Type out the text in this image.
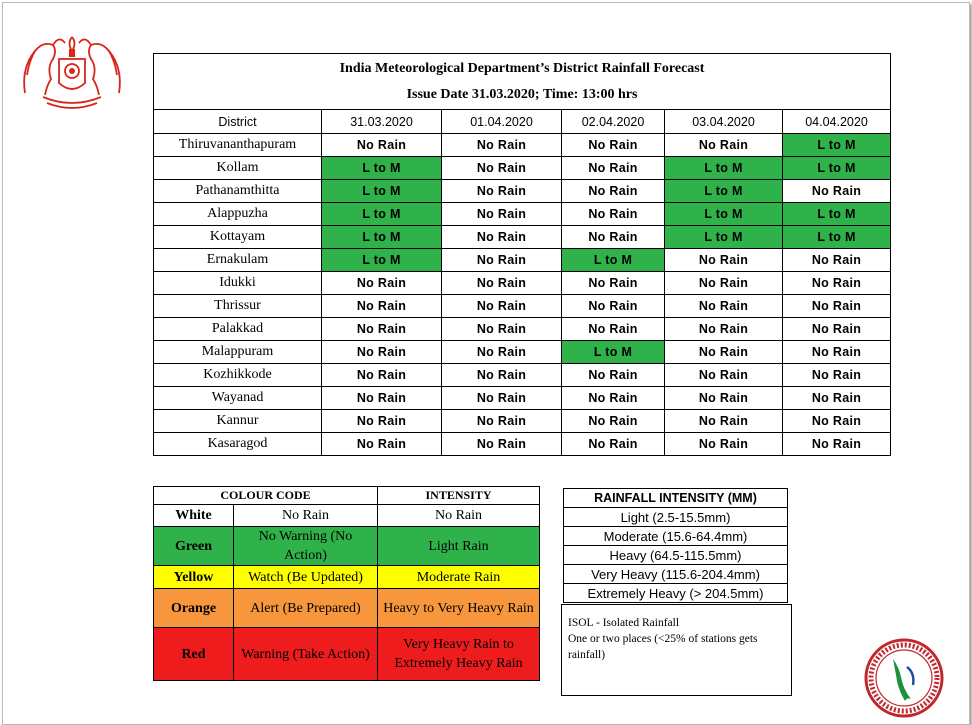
India Meteorological Department’s District Rainfall Forecast
Issue Date 31.03.2020; Time: 13:00 hrs					

District	31.03.2020	01.04.2020	02.04.2020	03.04.2020	04.04.2020
Thiruvananthapuram	No Rain	No Rain	No Rain	No Rain	L to M
Kollam	L to M	No Rain	No Rain	L to M	L to M
Pathanamthitta	L to M	No Rain	No Rain	L to M	No Rain
Alappuzha	L to M	No Rain	No Rain	L to M	L to M
Kottayam	L to M	No Rain	No Rain	L to M	L to M
Ernakulam	L to M	No Rain	L to M	No Rain	No Rain
Idukki	No Rain	No Rain	No Rain	No Rain	No Rain
Thrissur	No Rain	No Rain	No Rain	No Rain	No Rain
Palakkad	No Rain	No Rain	No Rain	No Rain	No Rain
Malappuram	No Rain	No Rain	L to M	No Rain	No Rain
Kozhikkode	No Rain	No Rain	No Rain	No Rain	No Rain
Wayanad	No Rain	No Rain	No Rain	No Rain	No Rain
Kannur	No Rain	No Rain	No Rain	No Rain	No Rain
Kasaragod	No Rain	No Rain	No Rain	No Rain	No Rain
COLOUR CODE		INTENSITY
White	No Rain	No Rain
Green	No Warning (No Action)	Light Rain
Yellow	Watch (Be Updated)	Moderate Rain
Orange	Alert (Be Prepared)	Heavy to Very Heavy Rain
Red	Warning (Take Action)	Very Heavy Rain to Extremely Heavy Rain
RAINFALL INTENSITY (MM)
Light (2.5-15.5mm)
Moderate (15.6-64.4mm)
Heavy (64.5-115.5mm)
Very Heavy (115.6-204.4mm)
Extremely Heavy (> 204.5mm)
ISOL - Isolated Rainfall
One or two places (<25% of stations gets rainfall)
